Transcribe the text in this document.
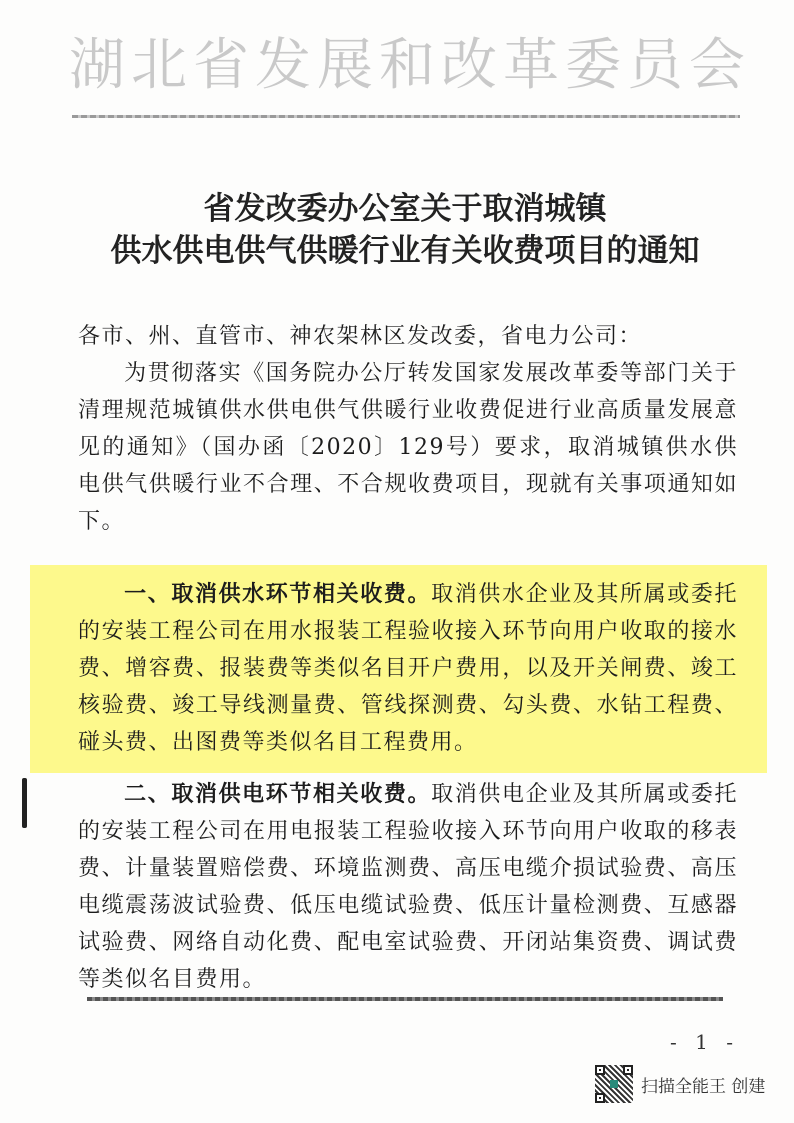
湖北省发展和改革委员会
省发改委办公室关于取消城镇
供水供电供气供暖行业有关收费项目的通知
各市、州、直管市、神农架林区发改委，省电力公司：
为贯彻落实《国务院办公厅转发国家发展改革委等部门关于清理规范城镇供水供电供气供暖行业收费促进行业高质量发展意见的通知》（国办函〔2020〕129号）要求，取消城镇供水供电供气供暖行业不合理、不合规收费项目，现就有关事项通知如下。
一、取消供水环节相关收费。取消供水企业及其所属或委托的安装工程公司在用水报装工程验收接入环节向用户收取的接水费、增容费、报装费等类似名目开户费用，以及开关闸费、竣工核验费、竣工导线测量费、管线探测费、勾头费、水钻工程费、碰头费、出图费等类似名目工程费用。
二、取消供电环节相关收费。取消供电企业及其所属或委托的安装工程公司在用电报装工程验收接入环节向用户收取的移表费、计量装置赔偿费、环境监测费、高压电缆介损试验费、高压电缆震荡波试验费、低压电缆试验费、低压计量检测费、互感器试验费、网络自动化费、配电室试验费、开闭站集资费、调试费等类似名目费用。
- 1 -
扫描全能王 创建
